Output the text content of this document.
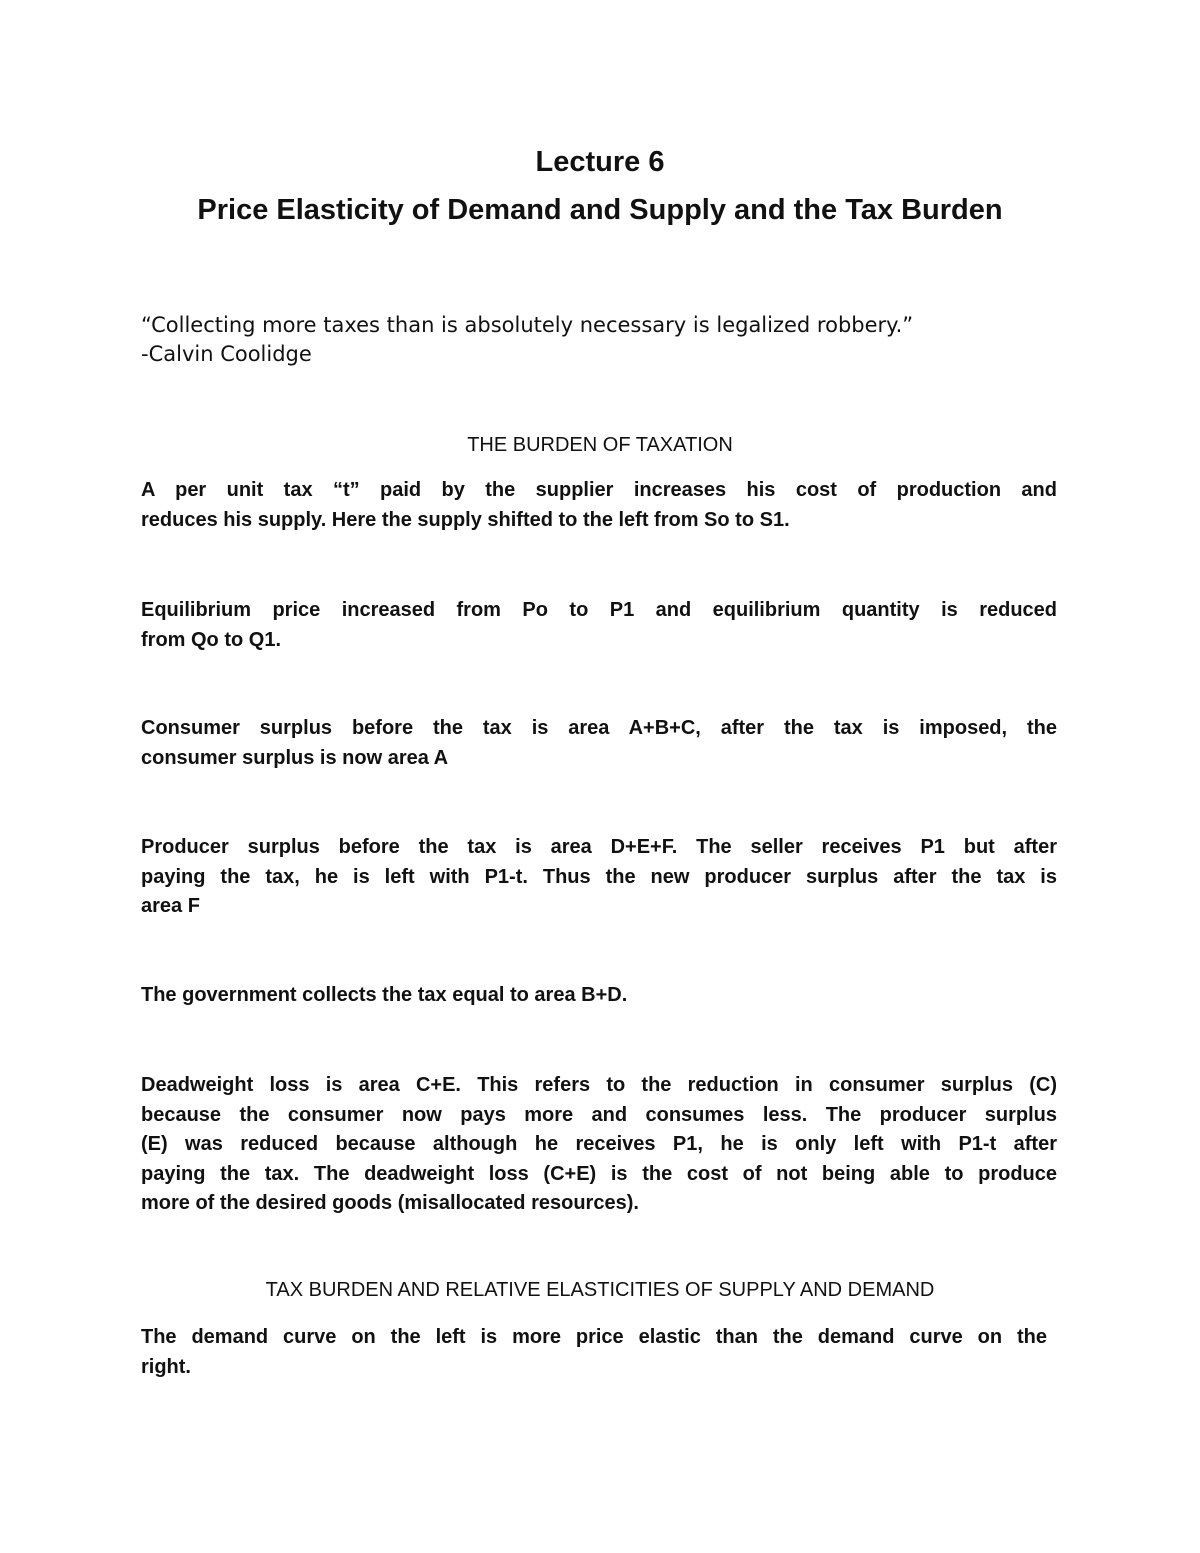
Lecture 6
Price Elasticity of Demand and Supply and the Tax Burden
“Collecting more taxes than is absolutely necessary is legalized robbery.”
-Calvin Coolidge
THE BURDEN OF TAXATION
A per unit tax “t” paid by the supplier increases his cost of production and
reduces his supply. Here the supply shifted to the left from So to S1.
Equilibrium price increased from Po to P1 and equilibrium quantity is reduced
from Qo to Q1.
Consumer surplus before the tax is area A+B+C, after the tax is imposed, the
consumer surplus is now area A
Producer surplus before the tax is area D+E+F. The seller receives P1 but after
paying the tax, he is left with P1-t. Thus the new producer surplus after the tax is
area F
The government collects the tax equal to area B+D.
Deadweight loss is area C+E. This refers to the reduction in consumer surplus (C)
because the consumer now pays more and consumes less. The producer surplus
(E) was reduced because although he receives P1, he is only left with P1-t after
paying the tax. The deadweight loss (C+E) is the cost of not being able to produce
more of the desired goods (misallocated resources).
TAX BURDEN AND RELATIVE ELASTICITIES OF SUPPLY AND DEMAND
The demand curve on the left is more price elastic than the demand curve on the
right.
